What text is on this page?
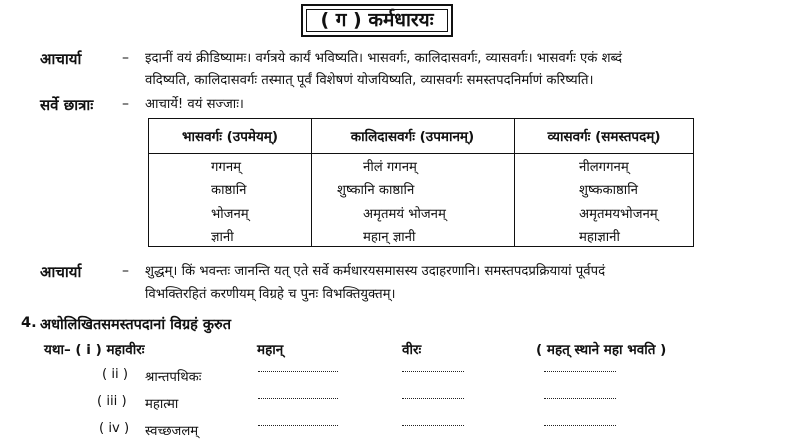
( ग ) कर्मधारयः
आचार्या	– इदानीं वयं क्रीडिष्यामः। वर्गत्रये कार्यं भविष्यति। भासवर्गः, कालिदासवर्गः, व्यासवर्गः। भासवर्गः एकं शब्दं
वदिष्यति, कालिदासवर्गः तस्मात् पूर्वं विशेषणं योजयिष्यति, व्यासवर्गः समस्तपदनिर्माणं करिष्यति।
सर्वे छात्राः – आचार्ये! वयं सज्जाः।
भासवर्गः (उपमेयम्)	कालिदासवर्गः (उपमानम्)	व्यासवर्गः (समस्तपदम्)
गगनम्	नीलं गगनम्	नीलगगनम्
काष्ठानि	शुष्कानि काष्ठानि	शुष्ककाष्ठानि
भोजनम्	अमृतमयं भोजनम्	अमृतमयभोजनम्
ज्ञानी	महान् ज्ञानी	महाज्ञानी
आचार्या	– शुद्धम्। किं भवन्तः जानन्ति यत् एते सर्वे कर्मधारयसमासस्य उदाहरणानि। समस्तपदप्रक्रियायां पूर्वपदं
विभक्तिरहितं करणीयम् विग्रहे च पुनः विभक्तियुक्तम्।
4. अधोलिखितसमस्तपदानां विग्रहं कुरुत
यथा– ( i ) महावीरः	महान्	वीरः	( महत् स्थाने महा भवति )
( ii ) श्रान्तपथिकः
( iii ) महात्मा
( iv ) स्वच्छजलम्
